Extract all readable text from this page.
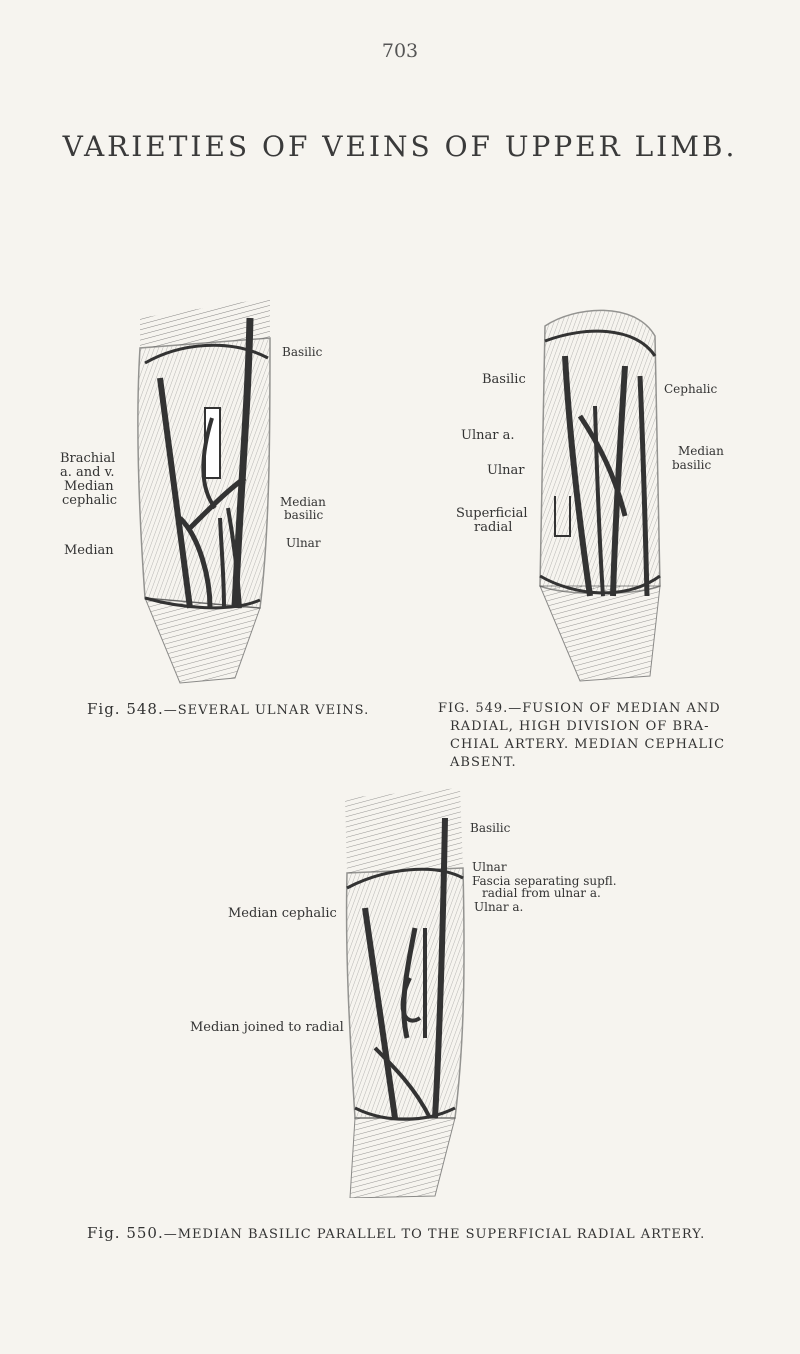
703
VARIETIES OF VEINS OF UPPER LIMB.
Basilic
Brachial
a. and v.
Median
cephalic
Median
Median
basilic
Ulnar
Fig. 548.—SEVERAL ULNAR VEINS.
Basilic
Cephalic
Ulnar a.
Median
basilic
Ulnar
Superficial
radial
FIG. 549.—FUSION OF MEDIAN AND
RADIAL, HIGH DIVISION OF BRA-
CHIAL ARTERY. MEDIAN CEPHALIC
ABSENT.
Basilic
Ulnar
Fascia separating supfl.
radial from ulnar a.
Ulnar a.
Median cephalic
Median joined to radial
Fig. 550.—MEDIAN BASILIC PARALLEL TO THE SUPERFICIAL RADIAL ARTERY.
